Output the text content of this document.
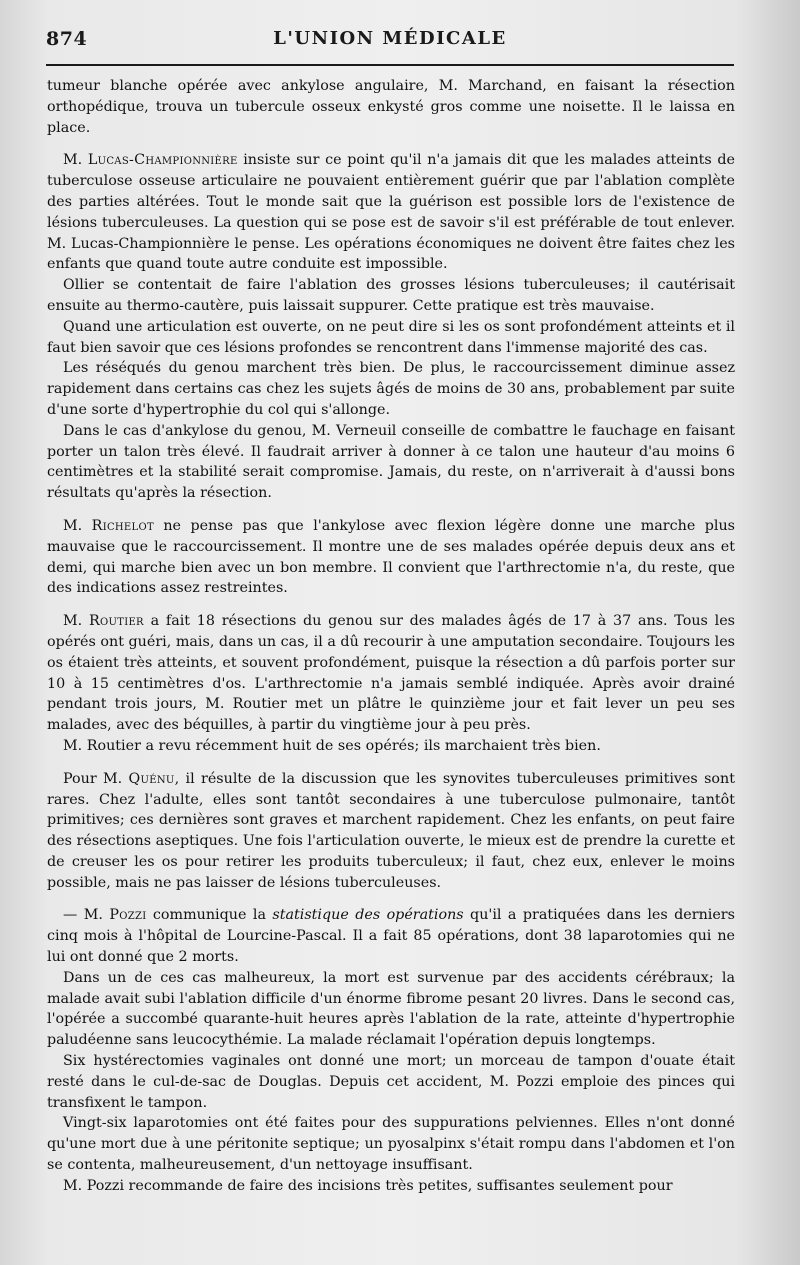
874	L'UNION MÉDICALE

tumeur blanche opérée avec ankylose angulaire, M. Marchand, en faisant la résection orthopédique, trouva un tubercule osseux enkysté gros comme une noisette. Il le laissa en place.

M. Lucas-Championnière insiste sur ce point qu'il n'a jamais dit que les malades atteints de tuberculose osseuse articulaire ne pouvaient entièrement guérir que par l'ablation complète des parties altérées. Tout le monde sait que la guérison est possible lors de l'existence de lésions tuberculeuses. La question qui se pose est de savoir s'il est préférable de tout enlever. M. Lucas-Championnière le pense. Les opérations économiques ne doivent être faites chez les enfants que quand toute autre conduite est impossible.

Ollier se contentait de faire l'ablation des grosses lésions tuberculeuses; il cautérisait ensuite au thermo-cautère, puis laissait suppurer. Cette pratique est très mauvaise.

Quand une articulation est ouverte, on ne peut dire si les os sont profondément atteints et il faut bien savoir que ces lésions profondes se rencontrent dans l'immense majorité des cas.

Les réséqués du genou marchent très bien. De plus, le raccourcissement diminue assez rapidement dans certains cas chez les sujets âgés de moins de 30 ans, probablement par suite d'une sorte d'hypertrophie du col qui s'allonge.

Dans le cas d'ankylose du genou, M. Verneuil conseille de combattre le fauchage en faisant porter un talon très élevé. Il faudrait arriver à donner à ce talon une hauteur d'au moins 6 centimètres et la stabilité serait compromise. Jamais, du reste, on n'arriverait à d'aussi bons résultats qu'après la résection.

M. Richelot ne pense pas que l'ankylose avec flexion légère donne une marche plus mauvaise que le raccourcissement. Il montre une de ses malades opérée depuis deux ans et demi, qui marche bien avec un bon membre. Il convient que l'arthrectomie n'a, du reste, que des indications assez restreintes.

M. Routier a fait 18 résections du genou sur des malades âgés de 17 à 37 ans. Tous les opérés ont guéri, mais, dans un cas, il a dû recourir à une amputation secondaire. Toujours les os étaient très atteints, et souvent profondément, puisque la résection a dû parfois porter sur 10 à 15 centimètres d'os. L'arthrectomie n'a jamais semblé indiquée. Après avoir drainé pendant trois jours, M. Routier met un plâtre le quinzième jour et fait lever un peu ses malades, avec des béquilles, à partir du vingtième jour à peu près.

M. Routier a revu récemment huit de ses opérés; ils marchaient très bien.

Pour M. Quénu, il résulte de la discussion que les synovites tuberculeuses primitives sont rares. Chez l'adulte, elles sont tantôt secondaires à une tuberculose pulmonaire, tantôt primitives; ces dernières sont graves et marchent rapidement. Chez les enfants, on peut faire des résections aseptiques. Une fois l'articulation ouverte, le mieux est de prendre la curette et de creuser les os pour retirer les produits tuberculeux; il faut, chez eux, enlever le moins possible, mais ne pas laisser de lésions tuberculeuses.

— M. Pozzi communique la statistique des opérations qu'il a pratiquées dans les derniers cinq mois à l'hôpital de Lourcine-Pascal. Il a fait 85 opérations, dont 38 laparotomies qui ne lui ont donné que 2 morts.

Dans un de ces cas malheureux, la mort est survenue par des accidents cérébraux; la malade avait subi l'ablation difficile d'un énorme fibrome pesant 20 livres. Dans le second cas, l'opérée a succombé quarante-huit heures après l'ablation de la rate, atteinte d'hypertrophie paludéenne sans leucocythémie. La malade réclamait l'opération depuis longtemps.

Six hystérectomies vaginales ont donné une mort; un morceau de tampon d'ouate était resté dans le cul-de-sac de Douglas. Depuis cet accident, M. Pozzi emploie des pinces qui transfixent le tampon.

Vingt-six laparotomies ont été faites pour des suppurations pelviennes. Elles n'ont donné qu'une mort due à une péritonite septique; un pyosalpinx s'était rompu dans l'abdomen et l'on se contenta, malheureusement, d'un nettoyage insuffisant.

M. Pozzi recommande de faire des incisions très petites, suffisantes seulement pour
